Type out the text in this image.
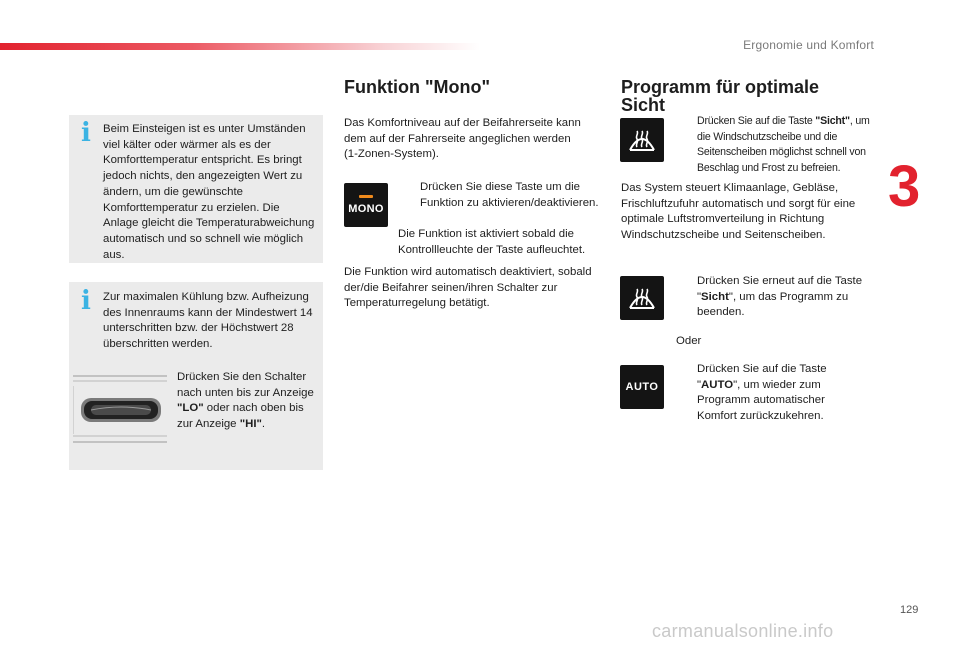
Ergonomie und Komfort
3
i Beim Einsteigen ist es unter Umständen viel kälter oder wärmer als es der Komforttemperatur entspricht. Es bringt jedoch nichts, den angezeigten Wert zu ändern, um die gewünschte Komforttemperatur zu erzielen. Die Anlage gleicht die Temperaturabweichung automatisch und so schnell wie möglich aus.
i Zur maximalen Kühlung bzw. Aufheizung des Innenraums kann der Mindestwert 14 unterschritten bzw. der Höchstwert 28 überschritten werden.
Drücken Sie den Schalter nach unten bis zur Anzeige "LO" oder nach oben bis zur Anzeige "HI".
Funktion "Mono"
Das Komfortniveau auf der Beifahrerseite kann dem auf der Fahrerseite angeglichen werden (1-Zonen-System).
MONO
Drücken Sie diese Taste um die Funktion zu aktivieren/deaktivieren.
Die Funktion ist aktiviert sobald die Kontrollleuchte der Taste aufleuchtet.
Die Funktion wird automatisch deaktiviert, sobald der/die Beifahrer seinen/ihren Schalter zur Temperaturregelung betätigt.
Programm für optimale Sicht
Drücken Sie auf die Taste "Sicht", um die Windschutzscheibe und die Seitenscheiben möglichst schnell von Beschlag und Frost zu befreien.
Das System steuert Klimaanlage, Gebläse, Frischluftzufuhr automatisch und sorgt für eine optimale Luftstromverteilung in Richtung Windschutzscheibe und Seitenscheiben.
Drücken Sie erneut auf die Taste "Sicht", um das Programm zu beenden.
Oder
AUTO
Drücken Sie auf die Taste "AUTO", um wieder zum Programm automatischer Komfort zurückzukehren.
129
carmanualsonline.info
